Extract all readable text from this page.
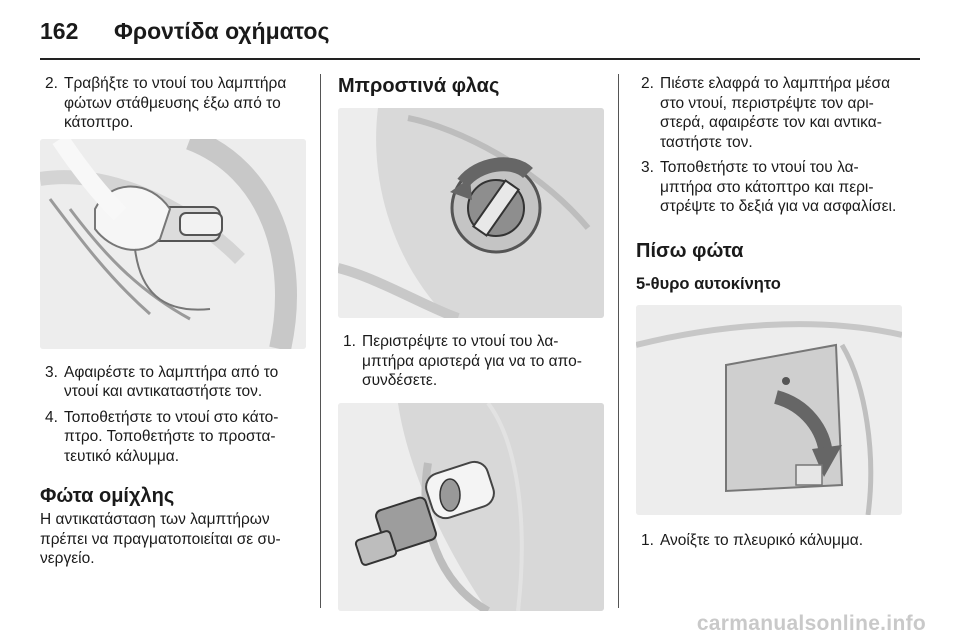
162 Φροντίδα οχήματος
2. Τραβήξτε το ντουί του λαμπτήρα φώτων στάθμευσης έξω από το κάτοπτρο.
3. Αφαιρέστε το λαμπτήρα από το ντουί και αντικαταστήστε τον.
4. Τοποθετήστε το ντουί στο κάτο- πτρο. Τοποθετήστε το προστα- τευτικό κάλυμμα.
Φώτα ομίχλης
Η αντικατάσταση των λαμπτήρων πρέπει να πραγματοποιείται σε συ- νεργείο.
Μπροστινά φλας
1. Περιστρέψτε το ντουί του λα- μπτήρα αριστερά για να το απο- συνδέσετε.
2. Πιέστε ελαφρά το λαμπτήρα μέσα στο ντουί, περιστρέψτε τον αρι- στερά, αφαιρέστε τον και αντικα- ταστήστε τον.
3. Τοποθετήστε το ντουί του λα- μπτήρα στο κάτοπτρο και περι- στρέψτε το δεξιά για να ασφαλίσει.
Πίσω φώτα
5-θυρο αυτοκίνητο
1. Ανοίξτε το πλευρικό κάλυμμα.
carmanualsonline.info
